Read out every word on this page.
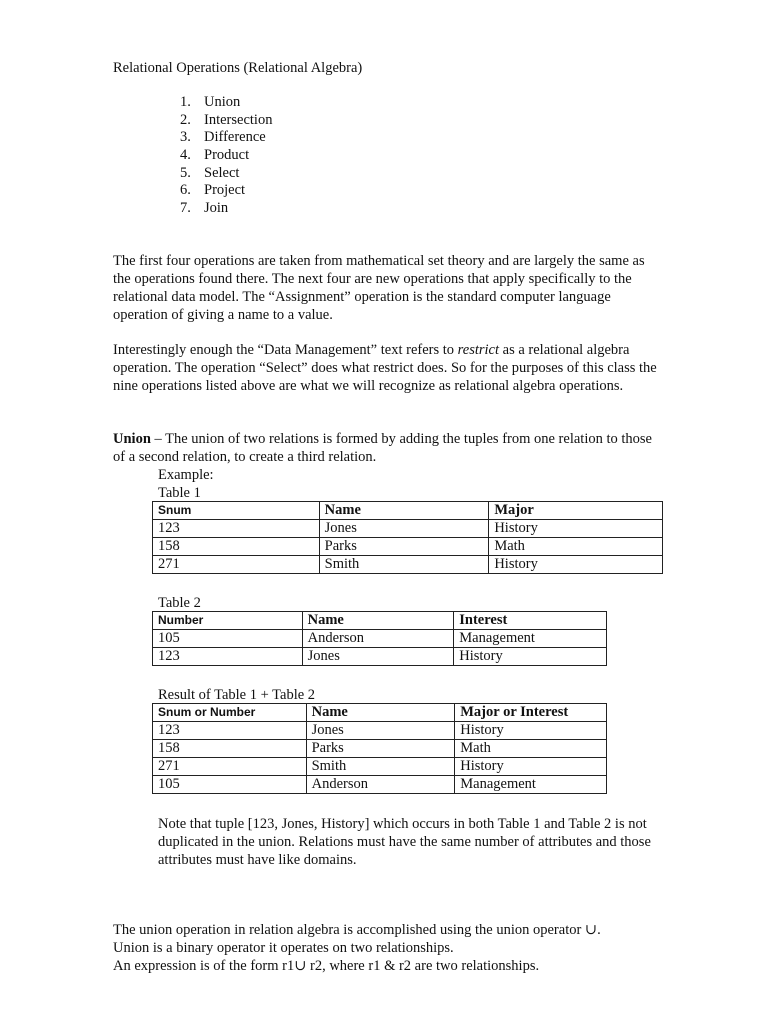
Relational Operations (Relational Algebra)

1. Union
2. Intersection
3. Difference
4. Product
5. Select
6. Project
7. Join

The first four operations are taken from mathematical set theory and are largely the same as the operations found there. The next four are new operations that apply specifically to the relational data model. The “Assignment” operation is the standard computer language operation of giving a name to a value.

Interestingly enough the “Data Management” text refers to restrict as a relational algebra operation. The operation “Select” does what restrict does. So for the purposes of this class the nine operations listed above are what we will recognize as relational algebra operations.

Union – The union of two relations is formed by adding the tuples from one relation to those of a second relation, to create a third relation.

Example:
Table 1
Snum	Name	Major
123	Jones	History
158	Parks	Math
271	Smith	History
Table 2
Number	Name	Interest
105	Anderson	Management
123	Jones	History
Result of Table 1 + Table 2
Snum or Number	Name	Major or Interest
123	Jones	History
158	Parks	Math
271	Smith	History
105	Anderson	Management

Note that tuple [123, Jones, History] which occurs in both Table 1 and Table 2 is not duplicated in the union. Relations must have the same number of attributes and those attributes must have like domains.

The union operation in relation algebra is accomplished using the union operator ∪.
Union is a binary operator it operates on two relationships.
An expression is of the form r1∪ r2, where r1 & r2 are two relationships.
